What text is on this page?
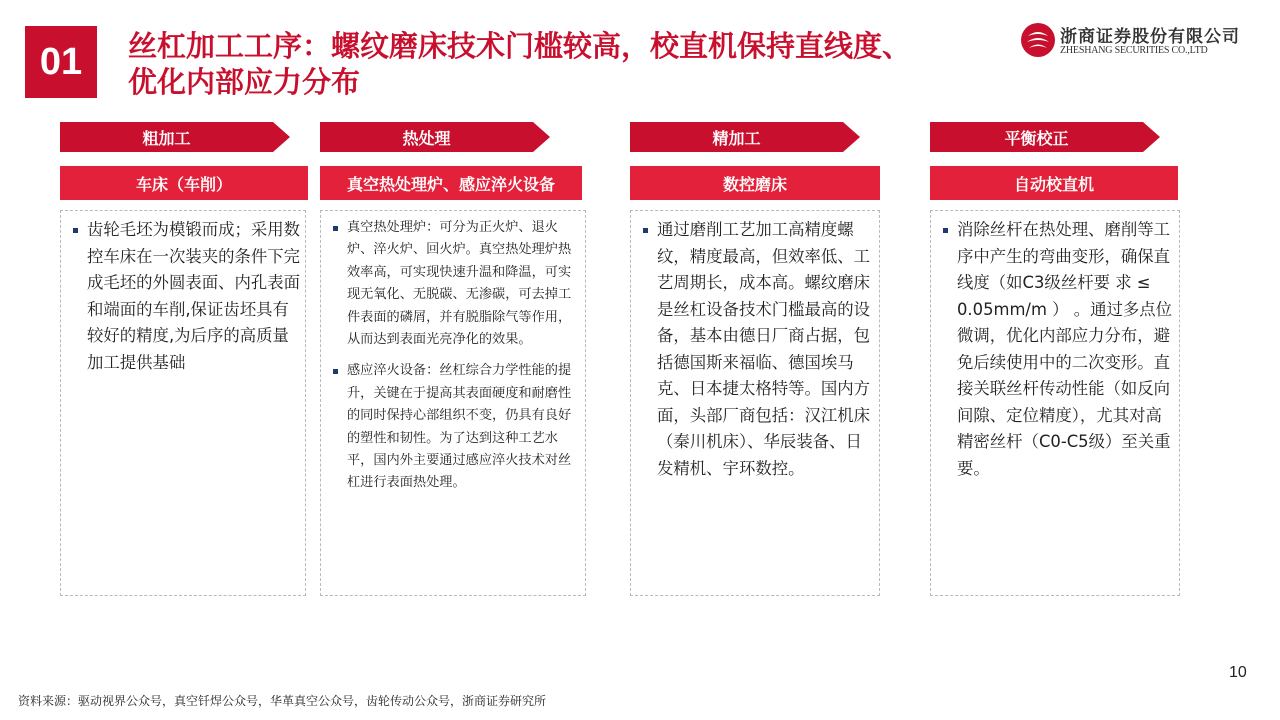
01	丝杠加工工序：螺纹磨床技术门槛较高，校直机保持直线度、
优化内部应力分布
浙商证券股份有限公司
ZHESHANG SECURITIES CO.,LTD
粗加工
车床（车削）
齿轮毛坯为模锻而成；采用数控车床在一次装夹的条件下完成毛坯的外圆表面、内孔表面和端面的车削,保证齿坯具有较好的精度,为后序的高质量加工提供基础
热处理
真空热处理炉、感应淬火设备
真空热处理炉：可分为正火炉、退火炉、淬火炉、回火炉。真空热处理炉热效率高，可实现快速升温和降温，可实现无氧化、无脱碳、无渗碳，可去掉工件表面的磷屑，并有脱脂除气等作用，从而达到表面光亮净化的效果。
感应淬火设备：丝杠综合力学性能的提升，关键在于提高其表面硬度和耐磨性的同时保持心部组织不变，仍具有良好的塑性和韧性。为了达到这种工艺水平，国内外主要通过感应淬火技术对丝杠进行表面热处理。
精加工
数控磨床
通过磨削工艺加工高精度螺纹，精度最高，但效率低、工艺周期长，成本高。螺纹磨床是丝杠设备技术门槛最高的设备，基本由德日厂商占据，包括德国斯来福临、德国埃马克、日本捷太格特等。国内方面，头部厂商包括：汉江机床（秦川机床）、华辰装备、日发精机、宇环数控。
平衡校正
自动校直机
消除丝杆在热处理、磨削等工序中产生的弯曲变形，确保直线度（如C3级丝杆要 求 ≤ 0.05mm/m ） 。通过多点位微调，优化内部应力分布，避免后续使用中的二次变形。直接关联丝杆传动性能（如反向间隙、定位精度），尤其对高精密丝杆（C0-C5级）至关重要。
10
资料来源：驱动视界公众号，真空钎焊公众号，华革真空公众号，齿轮传动公众号，浙商证券研究所
